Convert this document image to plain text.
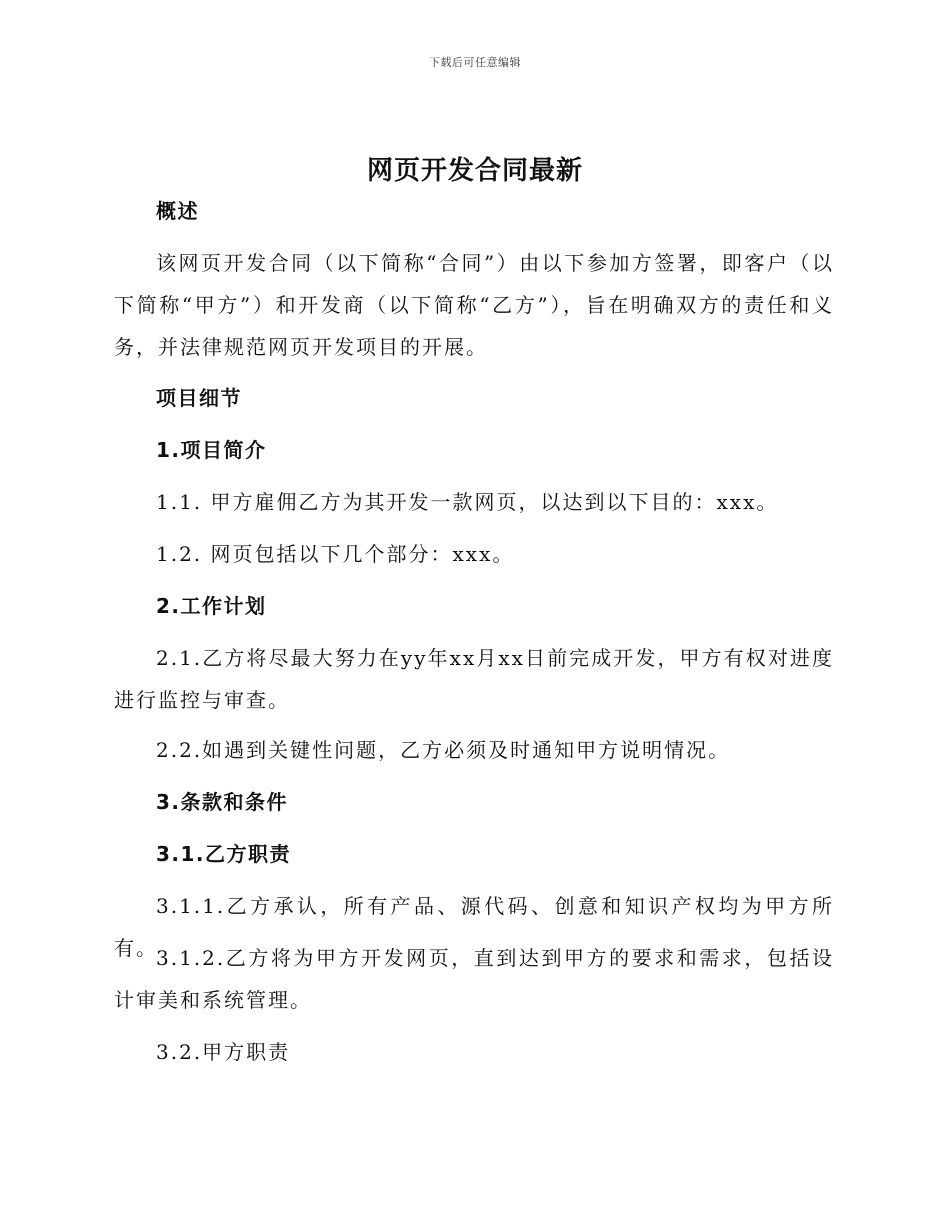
下载后可任意编辑
网页开发合同最新
概述

该网页开发合同（以下简称“合同”）由以下参加方签署，即客户（以下简称“甲方”）和开发商（以下简称“乙方”），旨在明确双方的责任和义务，并法律规范网页开发项目的开展。

项目细节
1.项目简介

1.1. 甲方雇佣乙方为其开发一款网页，以达到以下目的：xxx。

1.2. 网页包括以下几个部分：xxx。

2.工作计划

2.1.乙方将尽最大努力在yy年xx月xx日前完成开发，甲方有权对进度进行监控与审查。

2.2.如遇到关键性问题，乙方必须及时通知甲方说明情况。

3.条款和条件
3.1.乙方职责

3.1.1.乙方承认，所有产品、源代码、创意和知识产权均为甲方所有。

3.1.2.乙方将为甲方开发网页，直到达到甲方的要求和需求，包括设计审美和系统管理。

3.2.甲方职责
